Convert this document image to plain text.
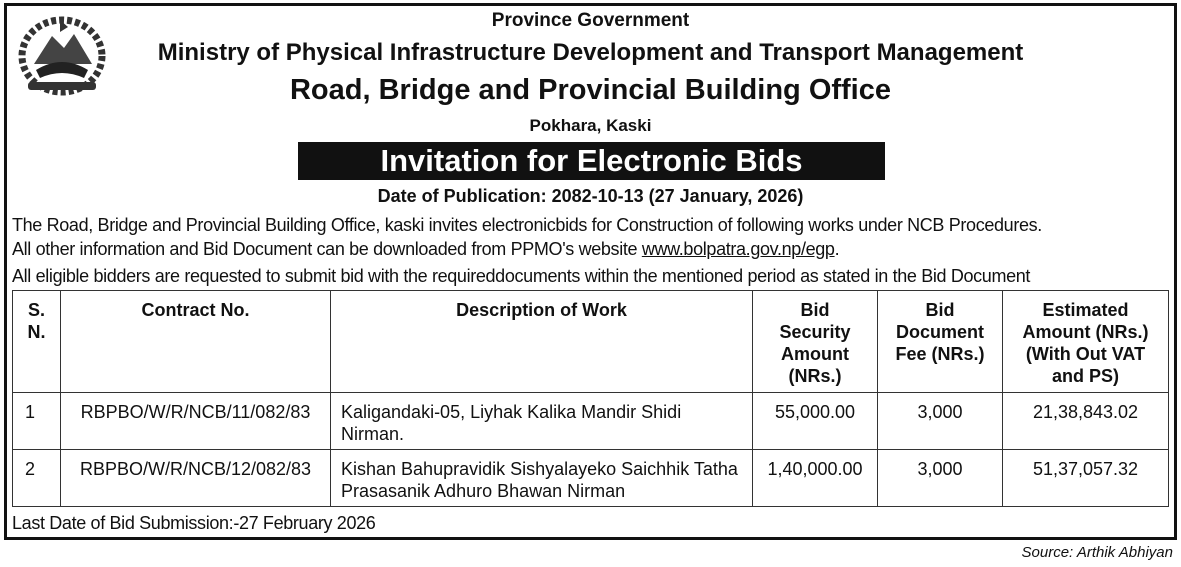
Province Government
Ministry of Physical Infrastructure Development and Transport Management
Road, Bridge and Provincial Building Office
Pokhara, Kaski
Invitation for Electronic Bids
Date of Publication: 2082-10-13 (27 January, 2026)
The Road, Bridge and Provincial Building Office, kaski invites electronicbids for Construction of following works under NCB Procedures.
All other information and Bid Document can be downloaded from PPMO's website www.bolpatra.gov.np/egp.
All eligible bidders are requested to submit bid with the requireddocuments within the mentioned period as stated in the Bid Document
S. N.	Contract No.	Description of Work	Bid Security Amount (NRs.)	Bid Document Fee (NRs.)	Estimated Amount (NRs.) (With Out VAT and PS)
1	RBPBO/W/R/NCB/11/082/83	Kaligandaki-05, Liyhak Kalika Mandir Shidi Nirman.	55,000.00	3,000	21,38,843.02
2	RBPBO/W/R/NCB/12/082/83	Kishan Bahupravidik Sishyalayeko Saichhik Tatha Prasasanik Adhuro Bhawan Nirman	1,40,000.00	3,000	51,37,057.32
Last Date of Bid Submission:-27 February 2026
Source: Arthik Abhiyan
